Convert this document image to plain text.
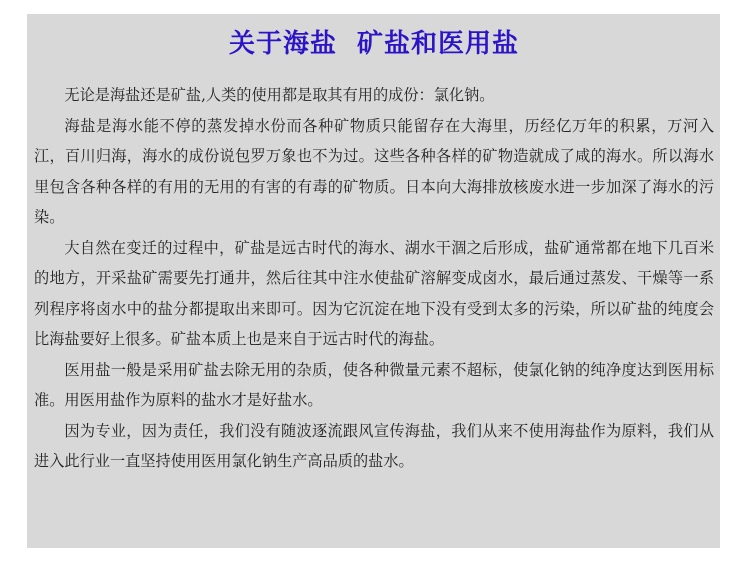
关于海盐  矿盐和医用盐

无论是海盐还是矿盐,人类的使用都是取其有用的成份：氯化钠。

海盐是海水能不停的蒸发掉水份而各种矿物质只能留存在大海里，历经亿万年的积累，万河入江，百川归海，海水的成份说包罗万象也不为过。这些各种各样的矿物造就成了咸的海水。所以海水里包含各种各样的有用的无用的有害的有毒的矿物质。日本向大海排放核废水进一步加深了海水的污染。

大自然在变迁的过程中，矿盐是远古时代的海水、湖水干涸之后形成，盐矿通常都在地下几百米的地方，开采盐矿需要先打通井，然后往其中注水使盐矿溶解变成卤水，最后通过蒸发、干燥等一系列程序将卤水中的盐分都提取出来即可。因为它沉淀在地下没有受到太多的污染，所以矿盐的纯度会比海盐要好上很多。矿盐本质上也是来自于远古时代的海盐。

医用盐一般是采用矿盐去除无用的杂质，使各种微量元素不超标，使氯化钠的纯净度达到医用标准。用医用盐作为原料的盐水才是好盐水。

因为专业，因为责任，我们没有随波逐流跟风宣传海盐，我们从来不使用海盐作为原料，我们从进入此行业一直坚持使用医用氯化钠生产高品质的盐水。
